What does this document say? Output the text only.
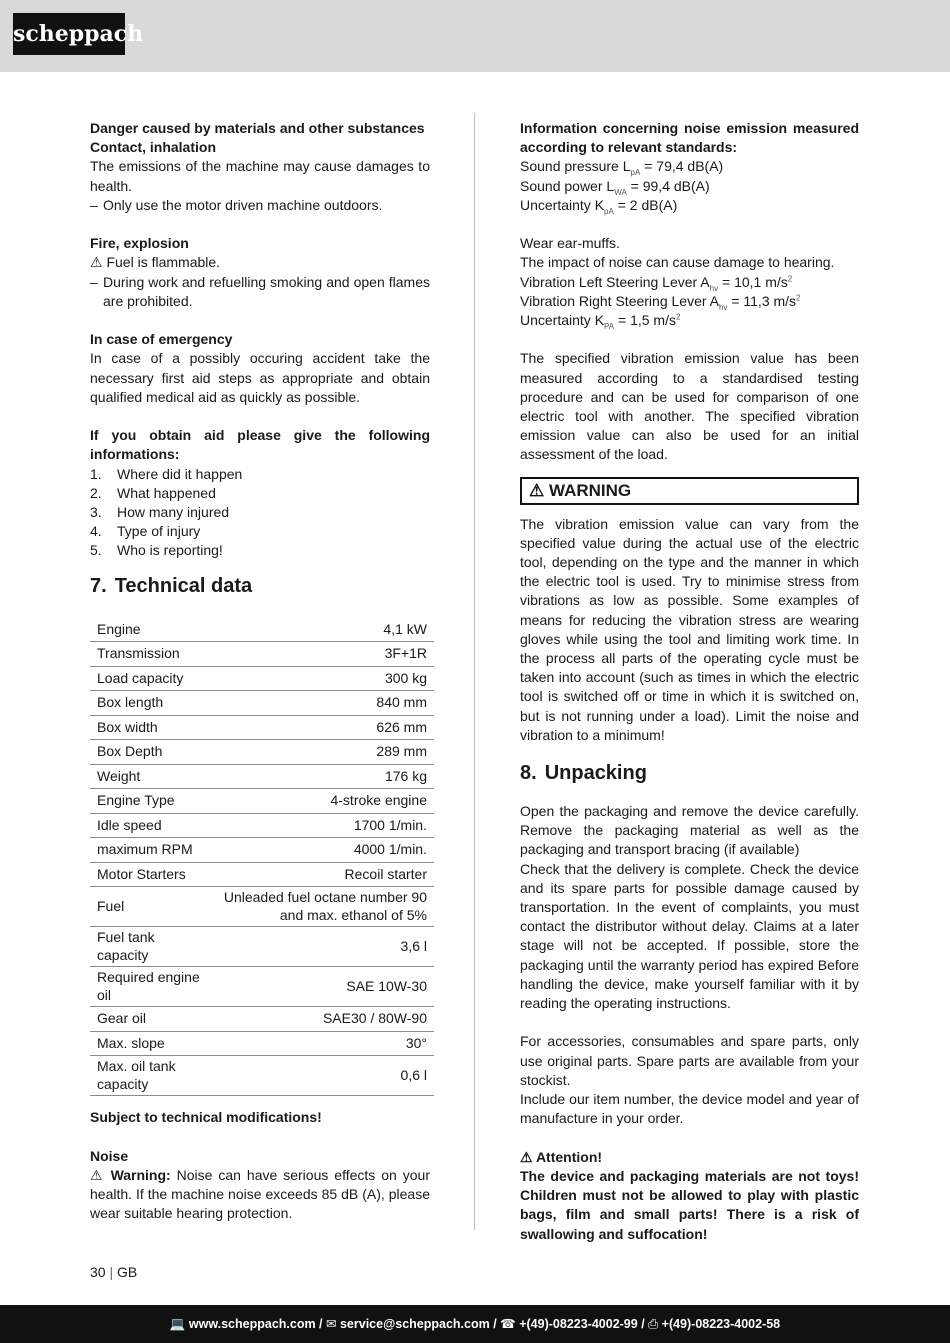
scheppach

Danger caused by materials and other substances

Contact, inhalation

The emissions of the machine may cause damages to health.

– Only use the motor driven machine outdoors.

Fire, explosion

⚠ Fuel is flammable.

– During work and refuelling smoking and open flames are prohibited.

In case of emergency

In case of a possibly occuring accident take the necessary first aid steps as appropriate and obtain qualified medical aid as quickly as possible.

If you obtain aid please give the following informations:

1.	Where did it happen
2.	What happened
3.	How many injured
4.	Type of injury
5.	Who is reporting!
7. Technical data
Engine	4,1 kW
Transmission	3F+1R
Load capacity	300 kg
Box length	840 mm
Box width	626 mm
Box Depth	289 mm
Weight	176 kg
Engine Type	4-stroke engine
Idle speed	1700 1/min.
maximum RPM	4000 1/min.
Motor Starters	Recoil starter
Fuel	Unleaded fuel octane number 90 and max. ethanol of 5%
Fuel tank capacity	3,6 l
Required engine oil	SAE 10W-30
Gear oil	SAE30 / 80W-90
Max. slope	30°
Max. oil tank capacity	0,6 l

Subject to technical modifications!

Noise

⚠ Warning: Noise can have serious effects on your health. If the machine noise exceeds 85 dB (A), please wear suitable hearing protection.

Information concerning noise emission measured according to relevant standards:

Sound pressure $L_{pA} = 79,4$ dB(A)

Sound power $L_{WA} = 99,4$ dB(A)

Uncertainty $K_{pA} = 2$ dB(A)

Wear ear-muffs.

The impact of noise can cause damage to hearing.

Vibration Left Steering Lever $A_{hv} = 10,1$ $m/s^2$

Vibration Right Steering Lever $A_{hv} = 11,3$ $m/s^2$

Uncertainty $K_{PA} = 1,5$ $m/s^2$

The specified vibration emission value has been measured according to a standardised testing procedure and can be used for comparison of one electric tool with another. The specified vibration emission value can also be used for an initial assessment of the load.

⚠ WARNING

The vibration emission value can vary from the specified value during the actual use of the electric tool, depending on the type and the manner in which the electric tool is used. Try to minimise stress from vibrations as low as possible. Some examples of means for reducing the vibration stress are wearing gloves while using the tool and limiting work time. In the process all parts of the operating cycle must be taken into account (such as times in which the electric tool is switched off or time in which it is switched on, but is not running under a load). Limit the noise and vibration to a minimum!

8. Unpacking

Open the packaging and remove the device carefully. Remove the packaging material as well as the packaging and transport bracing (if available)

Check that the delivery is complete. Check the device and its spare parts for possible damage caused by transportation. In the event of complaints, you must contact the distributor without delay. Claims at a later stage will not be accepted. If possible, store the packaging until the warranty period has expired Before handling the device, make yourself familiar with it by reading the operating instructions.

For accessories, consumables and spare parts, only use original parts. Spare parts are available from your stockist.

Include our item number, the device model and year of manufacture in your order.

⚠ Attention!

The device and packaging materials are not toys! Children must not be allowed to play with plastic bags, film and small parts! There is a risk of swallowing and suffocation!

30 | GB
💻 www.scheppach.com / ✉ service@scheppach.com / ☎ +(49)-08223-4002-99 / ⎙ +(49)-08223-4002-58
